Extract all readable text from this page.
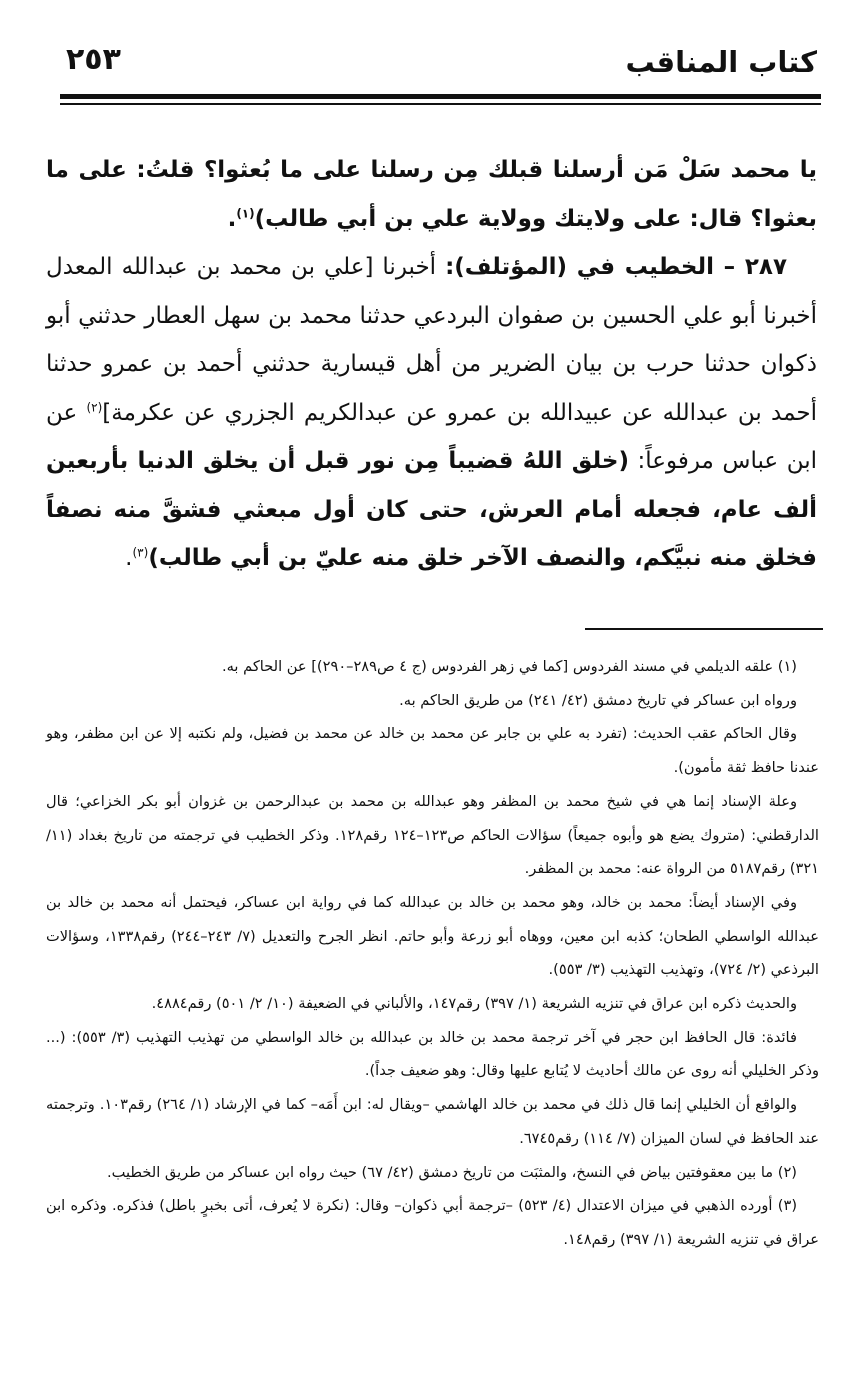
كتاب المناقب
٢٥٣

يا محمد سَلْ مَن أرسلنا قبلك مِن رسلنا على ما بُعثوا؟ قلتُ: على ما بعثوا؟ قال: على ولايتك وولاية علي بن أبي طالب)$^{(١)}$.

٢٨٧ – الخطيب في (المؤتلف): أخبرنا [علي بن محمد بن عبدالله المعدل أخبرنا أبو علي الحسين بن صفوان البردعي حدثنا محمد بن سهل العطار حدثني أبو ذكوان حدثنا حرب بن بيان الضرير من أهل قيسارية حدثني أحمد بن عمرو حدثنا أحمد بن عبدالله عن عبيدالله بن عمرو عن عبدالكريم الجزري عن عكرمة]$^{(٢)}$ عن ابن عباس مرفوعاً: (خلق اللهُ قضيباً مِن نور قبل أن يخلق الدنيا بأربعين ألف عام، فجعله أمام العرش، حتى كان أول مبعثي فشقَّ منه نصفاً فخلق منه نبيَّكم، والنصف الآخر خلق منه عليّ بن أبي طالب)$^{(٣)}$.

(١) علقه الديلمي في مسند الفردوس [كما في زهر الفردوس (ج ٤ ص٢٨٩–٢٩٠)] عن الحاكم به.

ورواه ابن عساكر في تاريخ دمشق (٤٢/ ٢٤١) من طريق الحاكم به.

وقال الحاكم عقب الحديث: (تفرد به علي بن جابر عن محمد بن خالد عن محمد بن فضيل، ولم نكتبه إلا عن ابن مظفر، وهو عندنا حافظ ثقة مأمون).

وعلة الإسناد إنما هي في شيخ محمد بن المظفر وهو عبدالله بن محمد بن عبدالرحمن بن غزوان أبو بكر الخزاعي؛ قال الدارقطني: (متروك يضع هو وأبوه جميعاً) سؤالات الحاكم ص١٢٣–١٢٤ رقم١٢٨. وذكر الخطيب في ترجمته من تاريخ بغداد (١١/ ٣٢١) رقم٥١٨٧ من الرواة عنه: محمد بن المظفر.

وفي الإسناد أيضاً: محمد بن خالد، وهو محمد بن خالد بن عبدالله كما في رواية ابن عساكر، فيحتمل أنه محمد بن خالد بن عبدالله الواسطي الطحان؛ كذبه ابن معين، ووهاه أبو زرعة وأبو حاتم. انظر الجرح والتعديل (٧/ ٢٤٣–٢٤٤) رقم١٣٣٨، وسؤالات البرذعي (٢/ ٧٢٤)، وتهذيب التهذيب (٣/ ٥٥٣).

والحديث ذكره ابن عراق في تنزيه الشريعة (١/ ٣٩٧) رقم١٤٧، والألباني في الضعيفة (١٠/ ٢/ ٥٠١) رقم٤٨٨٤.

فائدة: قال الحافظ ابن حجر في آخر ترجمة محمد بن خالد بن عبدالله بن خالد الواسطي من تهذيب التهذيب (٣/ ٥٥٣): (... وذكر الخليلي أنه روى عن مالك أحاديث لا يُتابع عليها وقال: وهو ضعيف جداً).

والواقع أن الخليلي إنما قال ذلك في محمد بن خالد الهاشمي –ويقال له: ابن أَمَه– كما في الإرشاد (١/ ٢٦٤) رقم١٠٣. وترجمته عند الحافظ في لسان الميزان (٧/ ١١٤) رقم٦٧٤٥.

(٢) ما بين معقوفتين بياض في النسخ، والمثبَت من تاريخ دمشق (٤٢/ ٦٧) حيث رواه ابن عساكر من طريق الخطيب.

(٣) أورده الذهبي في ميزان الاعتدال (٤/ ٥٢٣) –ترجمة أبي ذكوان– وقال: (نكرة لا يُعرف، أتى بخبرٍ باطل) فذكره. وذكره ابن عراق في تنزيه الشريعة (١/ ٣٩٧) رقم١٤٨.
